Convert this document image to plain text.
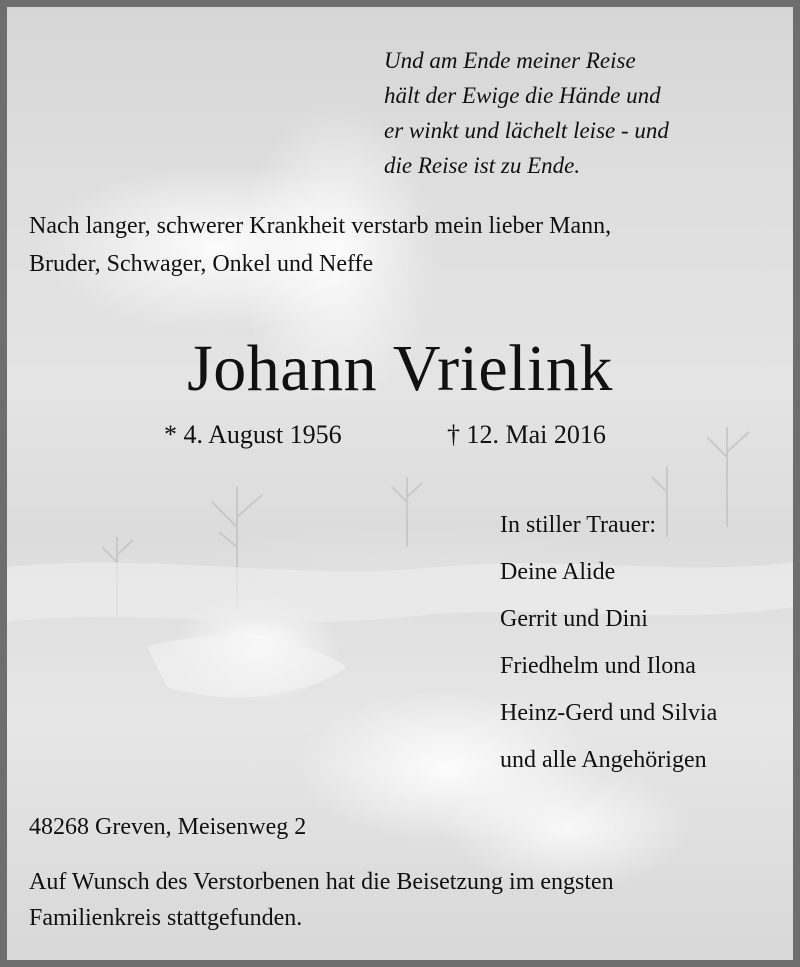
Und am Ende meiner Reise
hält der Ewige die Hände und
er winkt und lächelt leise - und
die Reise ist zu Ende.
Nach langer, schwerer Krankheit verstarb mein lieber Mann,
Bruder, Schwager, Onkel und Neffe
Johann Vrielink
* 4. August 1956	† 12. Mai 2016
In stiller Trauer:
Deine Alide
Gerrit und Dini
Friedhelm und Ilona
Heinz-Gerd und Silvia
und alle Angehörigen
48268 Greven, Meisenweg 2
Auf Wunsch des Verstorbenen hat die Beisetzung im engsten
Familienkreis stattgefunden.
